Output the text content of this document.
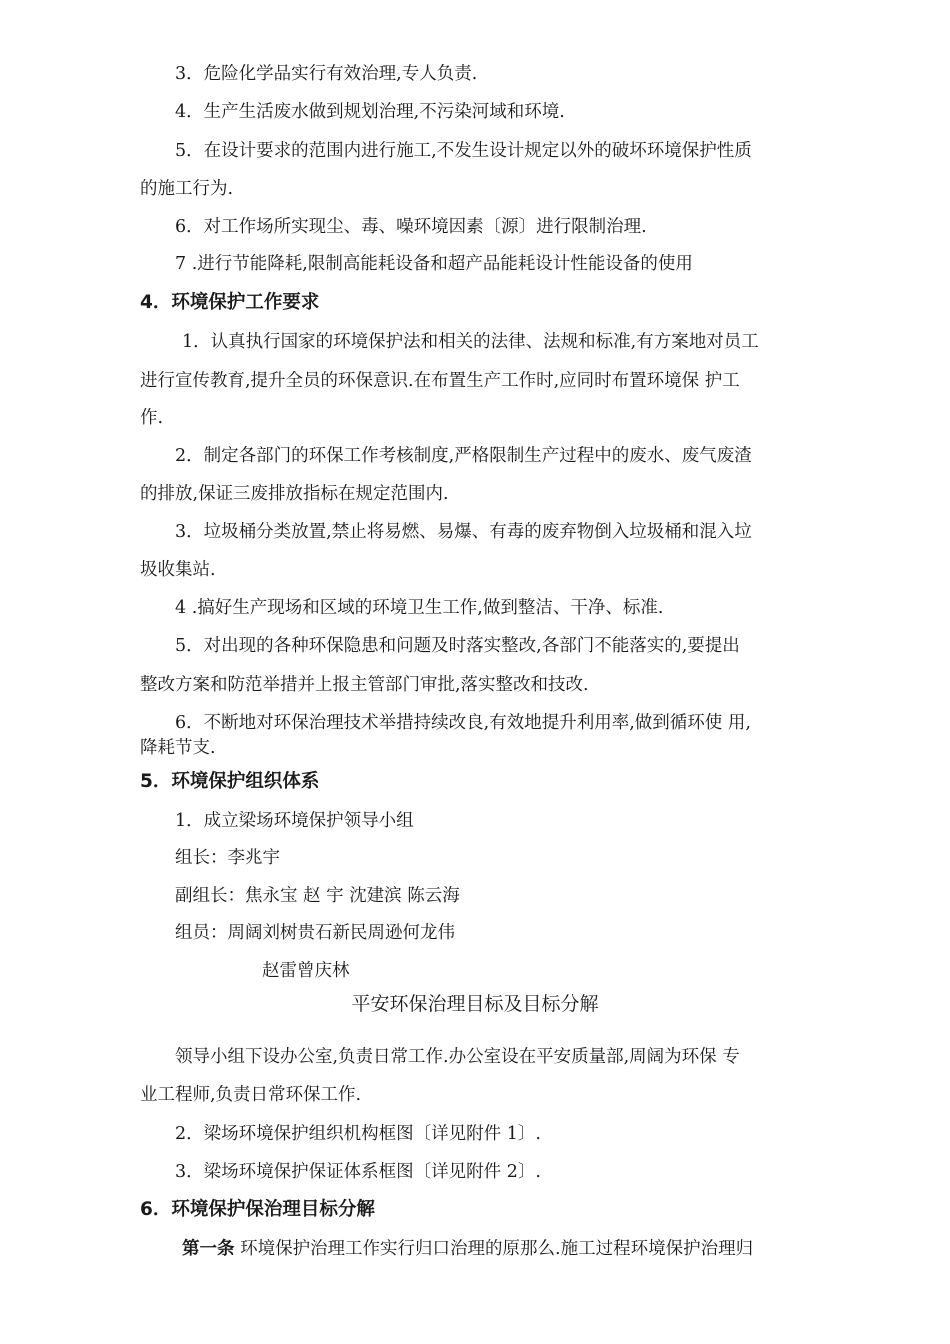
3．危险化学品实行有效治理,专人负责.
4．生产生活废水做到规划治理,不污染河域和环境.
5．在设计要求的范围内进行施工,不发生设计规定以外的破坏环境保护性质
的施工行为.
6．对工作场所实现尘、毒、噪环境因素〔源〕进行限制治理.
7 .进行节能降耗,限制高能耗设备和超产品能耗设计性能设备的使用
4．环境保护工作要求
1．认真执行国家的环境保护法和相关的法律、法规和标准,有方案地对员工
进行宣传教育,提升全员的环保意识.在布置生产工作时,应同时布置环境保 护工
作.
2．制定各部门的环保工作考核制度,严格限制生产过程中的废水、废气废渣
的排放,保证三废排放指标在规定范围内.
3．垃圾桶分类放置,禁止将易燃、易爆、有毒的废弃物倒入垃圾桶和混入垃
圾收集站.
4 .搞好生产现场和区域的环境卫生工作,做到整洁、干净、标准.
5．对出现的各种环保隐患和问题及时落实整改,各部门不能落实的,要提出
整改方案和防范举措并上报主管部门审批,落实整改和技改.
6．不断地对环保治理技术举措持续改良,有效地提升利用率,做到循环使 用,
降耗节支.
5．环境保护组织体系
1．成立梁场环境保护领导小组
组长：李兆宇
副组长：焦永宝 赵 宇 沈建滨 陈云海
组员：周阔刘树贵石新民周逊何龙伟
赵雷曾庆林
平安环保治理目标及目标分解
领导小组下设办公室,负责日常工作.办公室设在平安质量部,周阔为环保 专
业工程师,负责日常环保工作.
2．梁场环境保护组织机构框图〔详见附件 1〕.
3．梁场环境保护保证体系框图〔详见附件 2〕.
6．环境保护保治理目标分解
第一条 环境保护治理工作实行归口治理的原那么.施工过程环境保护治理归
